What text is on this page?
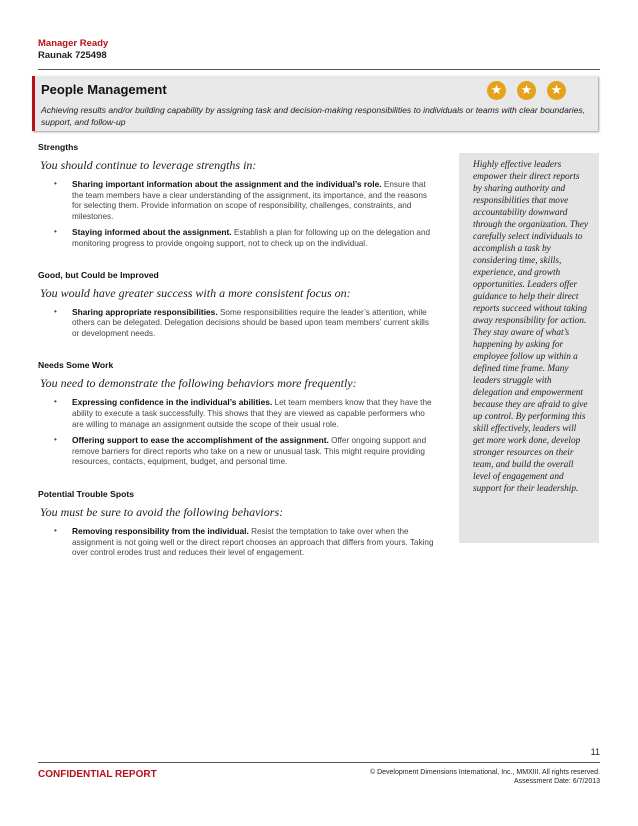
Manager Ready
Raunak 725498
People Management	★ ★ ★
Achieving results and/or building capability by assigning task and decision-making responsibilities to individuals or teams with clear boundaries, support, and follow-up

Strengths

You should continue to leverage strengths in:

• Sharing important information about the assignment and the individual’s role. Ensure that the team members have a clear understanding of the assignment, its importance, and the reasons for selecting them. Provide information on scope of responsibility, challenges, constraints, and milestones.
• Staying informed about the assignment. Establish a plan for following up on the delegation and monitoring progress to provide ongoing support, not to check up on the individual.

Good, but Could be Improved

You would have greater success with a more consistent focus on:

• Sharing appropriate responsibilities. Some responsibilities require the leader’s attention, while others can be delegated. Delegation decisions should be based upon team members’ current skills or development needs.

Needs Some Work

You need to demonstrate the following behaviors more frequently:

• Expressing confidence in the individual’s abilities. Let team members know that they have the ability to execute a task successfully. This shows that they are viewed as capable performers who are willing to manage an assignment outside the scope of their usual role.
• Offering support to ease the accomplishment of the assignment. Offer ongoing support and remove barriers for direct reports who take on a new or unusual task. This might require providing resources, contacts, equipment, budget, and personal time.

Potential Trouble Spots

You must be sure to avoid the following behaviors:

• Removing responsibility from the individual. Resist the temptation to take over when the assignment is not going well or the direct report chooses an approach that differs from yours. Taking over control erodes trust and reduces their level of engagement.
Highly effective leaders empower their direct reports by sharing authority and responsibilities that move accountability downward through the organization. They carefully select individuals to accomplish a task by considering time, skills, experience, and growth opportunities. Leaders offer guidance to help their direct reports succeed without taking away responsibility for action. They stay aware of what’s happening by asking for employee follow up within a defined time frame. Many leaders struggle with delegation and empowerment because they are afraid to give up control. By performing this skill effectively, leaders will get more work done, develop stronger resources on their team, and build the overall level of engagement and support for their leadership.
11
CONFIDENTIAL REPORT	© Development Dimensions International, Inc., MMXIII. All rights reserved.
Assessment Date: 6/7/2013
